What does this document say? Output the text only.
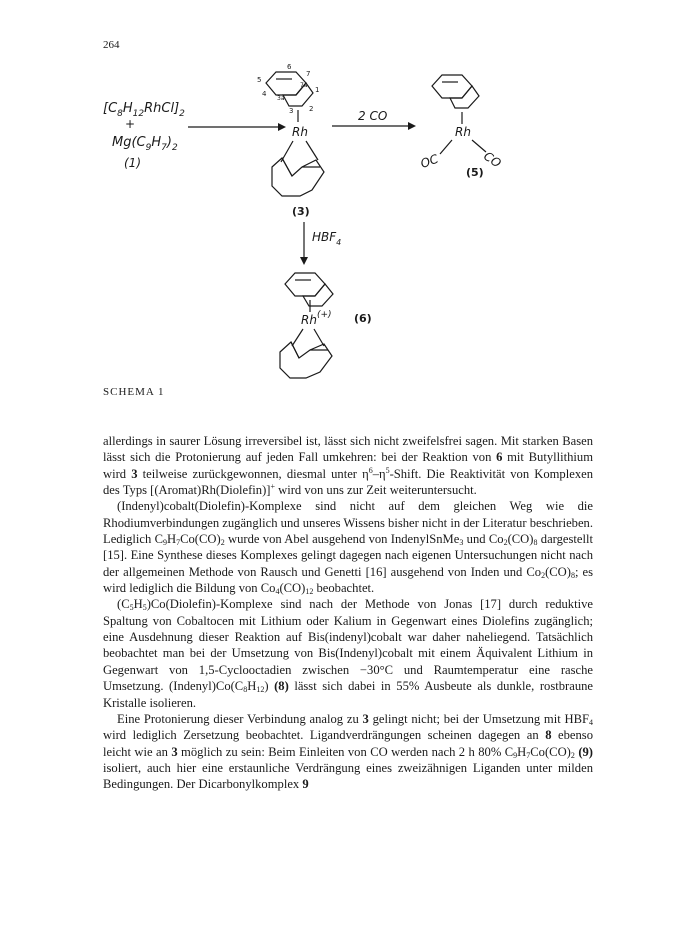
264
$[C_8H_{12}RhCl]_2$
+
$Mg(C_9H_7)_2$
(1)
5
6
7
7a
1
4
3a
3 2
Rh
(3)
2 CO
Rh
OC	CO
(5)
$HBF_4$
Rh (+) (6)
SCHEMA 1

allerdings in saurer Lösung irreversibel ist, lässt sich nicht zweifelsfrei sagen. Mit starken Basen lässt sich die Protonierung auf jeden Fall umkehren: bei der Reaktion von 6 mit Butyllithium wird 3 teilweise zurückgewonnen, diesmal unter $\eta^6-\eta^5$-Shift. Die Reaktivität von Komplexen des Typs [(Aromat)Rh(Diolefin)]+ wird von uns zur Zeit weiteruntersucht.

(Indenyl)cobalt(Diolefin)-Komplexe sind nicht auf dem gleichen Weg wie die Rhodiumverbindungen zugänglich und unseres Wissens bisher nicht in der Literatur beschrieben. Lediglich $C_9H_7Co(CO)_2$ wurde von Abel ausgehend von IndenylSnMe$_3$ und $Co_2(CO)_8$ dargestellt [15]. Eine Synthese dieses Komplexes gelingt dagegen nach eigenen Untersuchungen nicht nach der allgemeinen Methode von Rausch und Genetti [16] ausgehend von Inden und $Co_2(CO)_8$; es wird lediglich die Bildung von $Co_4(CO)_{12}$ beobachtet.

$(C_5H_5)Co(Diolefin)$-Komplexe sind nach der Methode von Jonas [17] durch reduktive Spaltung von Cobaltocen mit Lithium oder Kalium in Gegenwart eines Diolefins zugänglich; eine Ausdehnung dieser Reaktion auf Bis(indenyl)cobalt war daher naheliegend. Tatsächlich beobachtet man bei der Umsetzung von Bis(Indenyl)cobalt mit einem Äquivalent Lithium in Gegenwart von 1,5-Cyclooctadien zwischen −30°C und Raumtemperatur eine rasche Umsetzung. $(Indenyl)Co(C_8H_{12})$ (8) lässt sich dabei in 55% Ausbeute als dunkle, rostbraune Kristalle isolieren.

Eine Protonierung dieser Verbindung analog zu 3 gelingt nicht; bei der Umsetzung mit $HBF_4$ wird lediglich Zersetzung beobachtet. Ligandverdrängungen scheinen dagegen an 8 ebenso leicht wie an 3 möglich zu sein: Beim Einleiten von CO werden nach 2 h 80% $C_9H_7Co(CO)_2$ (9) isoliert, auch hier eine erstaunliche Verdrängung eines zweizähnigen Liganden unter milden Bedingungen. Der Dicarbonylkomplex 9
